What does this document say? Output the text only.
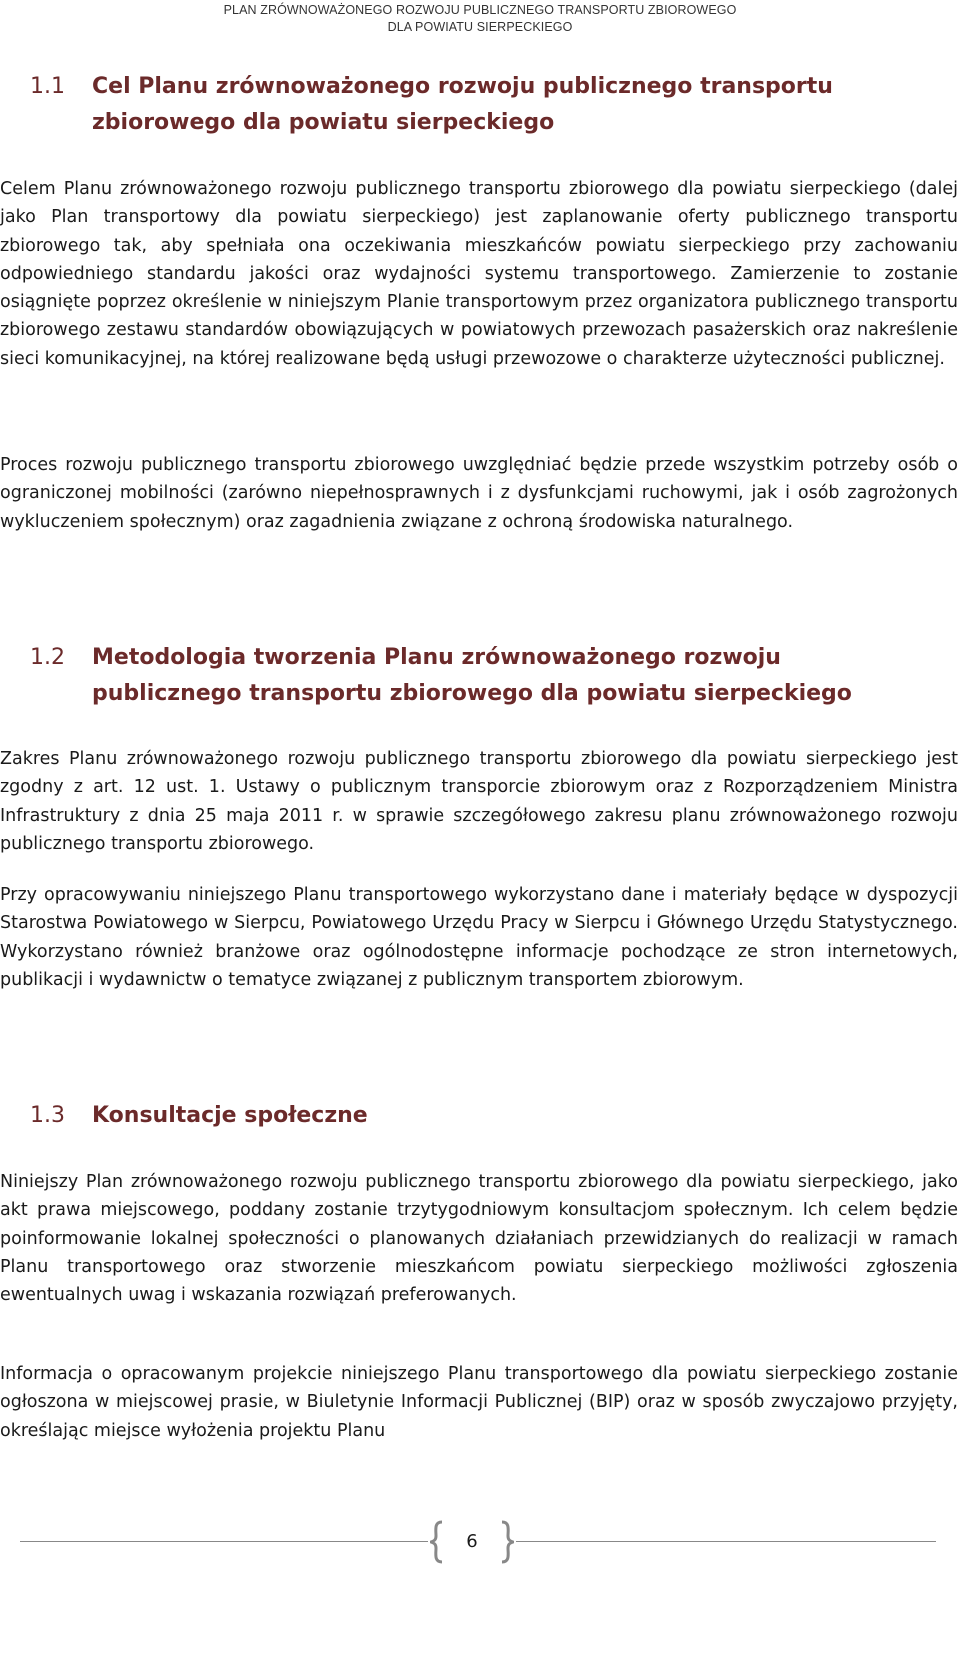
PLAN ZRÓWNOWAŻONEGO ROZWOJU PUBLICZNEGO TRANSPORTU ZBIOROWEGO
DLA POWIATU SIERPECKIEGO
1.1 Cel Planu zrównoważonego rozwoju publicznego transportu zbiorowego dla powiatu sierpeckiego

Celem Planu zrównoważonego rozwoju publicznego transportu zbiorowego dla powiatu sierpeckiego (dalej jako Plan transportowy dla powiatu sierpeckiego) jest zaplanowanie oferty publicznego transportu zbiorowego tak, aby spełniała ona oczekiwania mieszkańców powiatu sierpeckiego przy zachowaniu odpowiedniego standardu jakości oraz wydajności systemu transportowego. Zamierzenie to zostanie osiągnięte poprzez określenie w niniejszym Planie transportowym przez organizatora publicznego transportu zbiorowego zestawu standardów obowiązujących w powiatowych przewozach pasażerskich oraz nakreślenie sieci komunikacyjnej, na której realizowane będą usługi przewozowe o charakterze użyteczności publicznej.

Proces rozwoju publicznego transportu zbiorowego uwzględniać będzie przede wszystkim potrzeby osób o ograniczonej mobilności (zarówno niepełnosprawnych i z dysfunkcjami ruchowymi, jak i osób zagrożonych wykluczeniem społecznym) oraz zagadnienia związane z ochroną środowiska naturalnego.

1.2 Metodologia tworzenia Planu zrównoważonego rozwoju publicznego transportu zbiorowego dla powiatu sierpeckiego

Zakres Planu zrównoważonego rozwoju publicznego transportu zbiorowego dla powiatu sierpeckiego jest zgodny z art. 12 ust. 1. Ustawy o publicznym transporcie zbiorowym oraz z Rozporządzeniem Ministra Infrastruktury z dnia 25 maja 2011 r. w sprawie szczegółowego zakresu planu zrównoważonego rozwoju publicznego transportu zbiorowego.

Przy opracowywaniu niniejszego Planu transportowego wykorzystano dane i materiały będące w dyspozycji Starostwa Powiatowego w Sierpcu, Powiatowego Urzędu Pracy w Sierpcu i Głównego Urzędu Statystycznego. Wykorzystano również branżowe oraz ogólnodostępne informacje pochodzące ze stron internetowych, publikacji i wydawnictw o tematyce związanej z publicznym transportem zbiorowym.

1.3 Konsultacje społeczne

Niniejszy Plan zrównoważonego rozwoju publicznego transportu zbiorowego dla powiatu sierpeckiego, jako akt prawa miejscowego, poddany zostanie trzytygodniowym konsultacjom społecznym. Ich celem będzie poinformowanie lokalnej społeczności o planowanych działaniach przewidzianych do realizacji w ramach Planu transportowego oraz stworzenie mieszkańcom powiatu sierpeckiego możliwości zgłoszenia ewentualnych uwag i wskazania rozwiązań preferowanych.

Informacja o opracowanym projekcie niniejszego Planu transportowego dla powiatu sierpeckiego zostanie ogłoszona w miejscowej prasie, w Biuletynie Informacji Publicznej (BIP) oraz w sposób zwyczajowo przyjęty, określając miejsce wyłożenia projektu Planu

6
